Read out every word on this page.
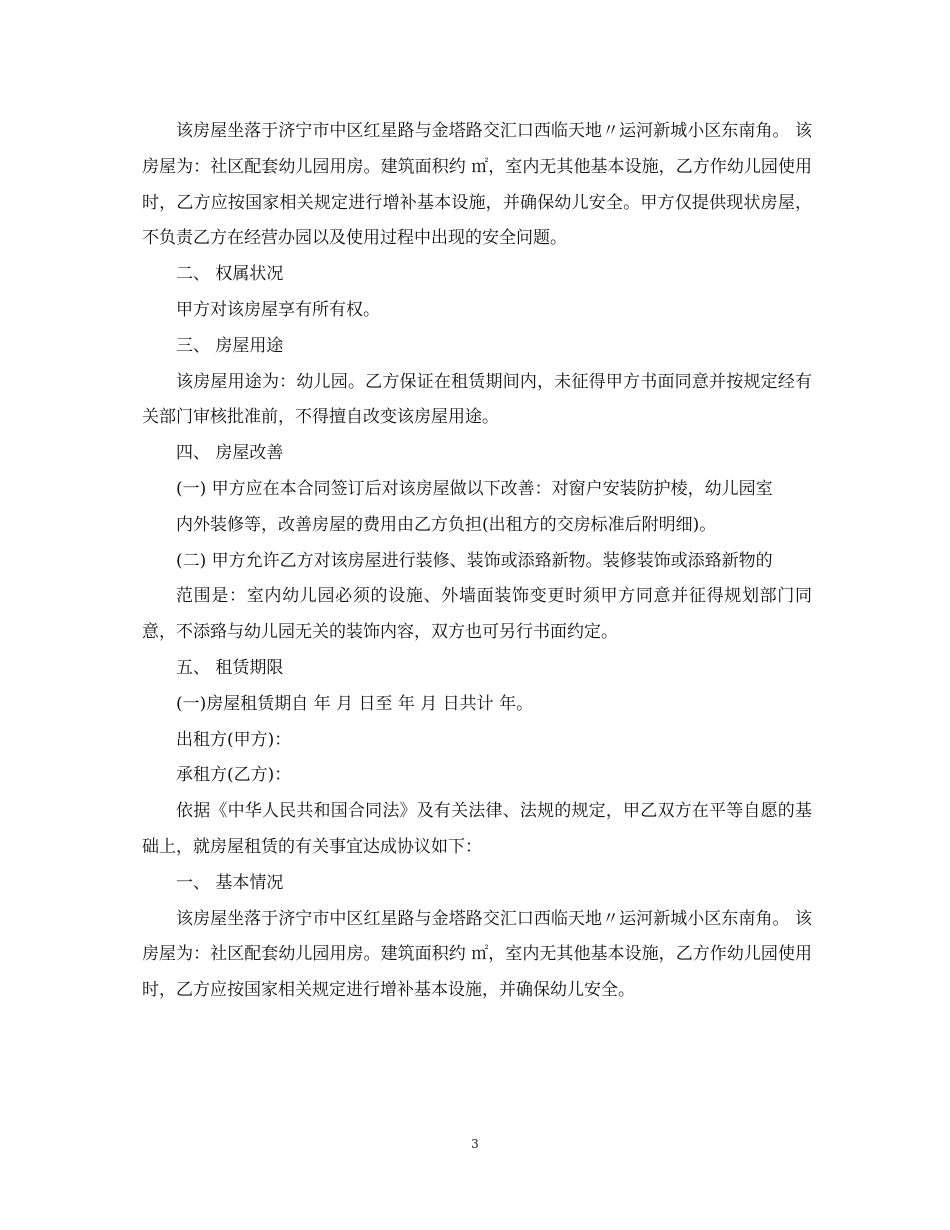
该房屋坐落于济宁市中区红星路与金塔路交汇口西临天地〃运河新城小区东南角。 该房屋为：社区配套幼儿园用房。建筑面积约 ㎡，室内无其他基本设施，乙方作幼儿园使用时，乙方应按国家相关规定进行增补基本设施，并确保幼儿安全。甲方仅提供现状房屋，不负责乙方在经营办园以及使用过程中出现的安全问题。

二、 权属状况

甲方对该房屋享有所有权。

三、 房屋用途

该房屋用途为：幼儿园。乙方保证在租赁期间内，未征得甲方书面同意并按规定经有关部门审核批准前，不得擅自改变该房屋用途。

四、 房屋改善

(一) 甲方应在本合同签订后对该房屋做以下改善：对窗户安装防护棱，幼儿园室

内外装修等，改善房屋的费用由乙方负担(出租方的交房标准后附明细)。

(二) 甲方允许乙方对该房屋进行装修、装饰或添臵新物。装修装饰或添臵新物的

范围是：室内幼儿园必须的设施、外墙面装饰变更时须甲方同意并征得规划部门同意，不添臵与幼儿园无关的装饰内容，双方也可另行书面约定。

五、 租赁期限

(一)房屋租赁期自 年 月 日至 年 月 日共计 年。

出租方(甲方)：

承租方(乙方)：

依据《中华人民共和国合同法》及有关法律、法规的规定，甲乙双方在平等自愿的基础上，就房屋租赁的有关事宜达成协议如下：

一、 基本情况

该房屋坐落于济宁市中区红星路与金塔路交汇口西临天地〃运河新城小区东南角。 该房屋为：社区配套幼儿园用房。建筑面积约 ㎡，室内无其他基本设施，乙方作幼儿园使用时，乙方应按国家相关规定进行增补基本设施，并确保幼儿安全。

3
